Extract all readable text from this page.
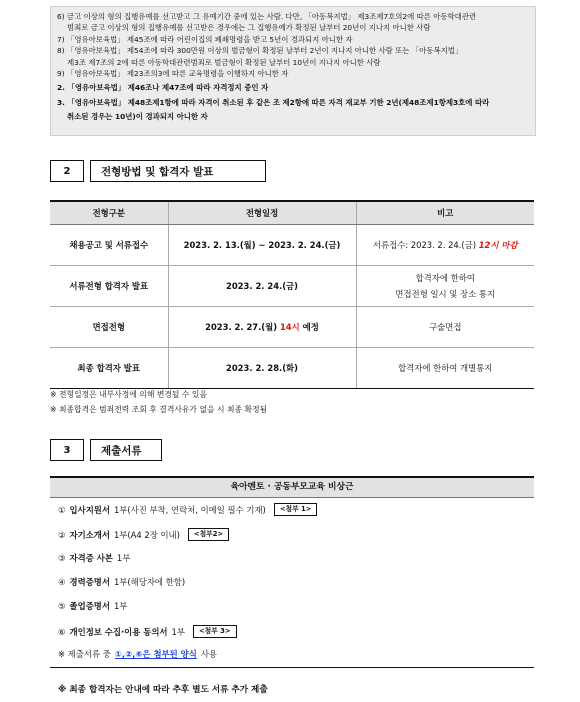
6) 금고 이상의 형의 집행유예를 선고받고 그 유예기간 중에 있는 사람. 다만, 「아동복지법」 제3조제7호의2에 따른 아동학대관련

범죄로 금고 이상의 형의 집행유예를 선고받은 경우에는 그 집행유예가 확정된 날부터 20년이 지나지 아니한 사람

7) 「영유아보육법」 제45조에 따라 어린이집의 폐쇄명령을 받고 5년이 경과되지 아니한 자

8) 「영유아보육법」 제54조에 따라 300만원 이상의 벌금형이 확정된 날부터 2년이 지나지 아니한 사람 또는 「아동복지법」

제3조 제7조의 2에 따른 아동학대관련범죄로 벌금형이 확정된 날부터 10년이 지나지 아니한 사람

9) 「영유아보육법」 제23조의3에 따른 교육명령을 이행하지 아니한 자

2. 「영유아보육법」 제46조나 제47조에 따라 자격정지 중인 자

3. 「영유아보육법」 제48조제1항에 따라 자격이 취소된 후 같은 조 제2항에 따른 자격 재교부 기한 2년(제48조제1항제3호에 따라

취소된 경우는 10년)이 경과되지 아니한 자

2	전형방법 및 합격자 발표
전형구분	전형일정	비고
채용공고 및 서류접수	2023. 2. 13.(월) ~ 2023. 2. 24.(금)	서류접수: 2023. 2. 24.(금) 12시 마감
서류전형 합격자 발표	2023. 2. 24.(금)	합격자에 한하여
면접전형 일시 및 장소 통지

면접전형	2023. 2. 27.(월) 14시 예정	구술면접
최종 합격자 발표	2023. 2. 28.(화)	합격자에 한하여 개별통지
※ 전형일정은 내부사정에 의해 변경될 수 있음
※ 최종합격은 범죄전력 조회 후 결격사유가 없을 시 최종 확정됨
3	제출서류
육아멘토 · 공동부모교육 비상근
① 입사지원서 1부(사진 부착, 연락처, 이메일 필수 기재)	<첨부 1>
② 자기소개서 1부(A4 2장 이내)	<첨부2>
③ 자격증 사본 1부
④ 경력증명서 1부(해당자에 한함)
⑤ 졸업증명서 1부
⑥ 개인정보 수집·이용 동의서 1부	<첨부 3>
※ 제출서류 중 ①,②,⑥은 첨부된 양식 사용
※ 최종 합격자는 안내에 따라 추후 별도 서류 추가 제출
